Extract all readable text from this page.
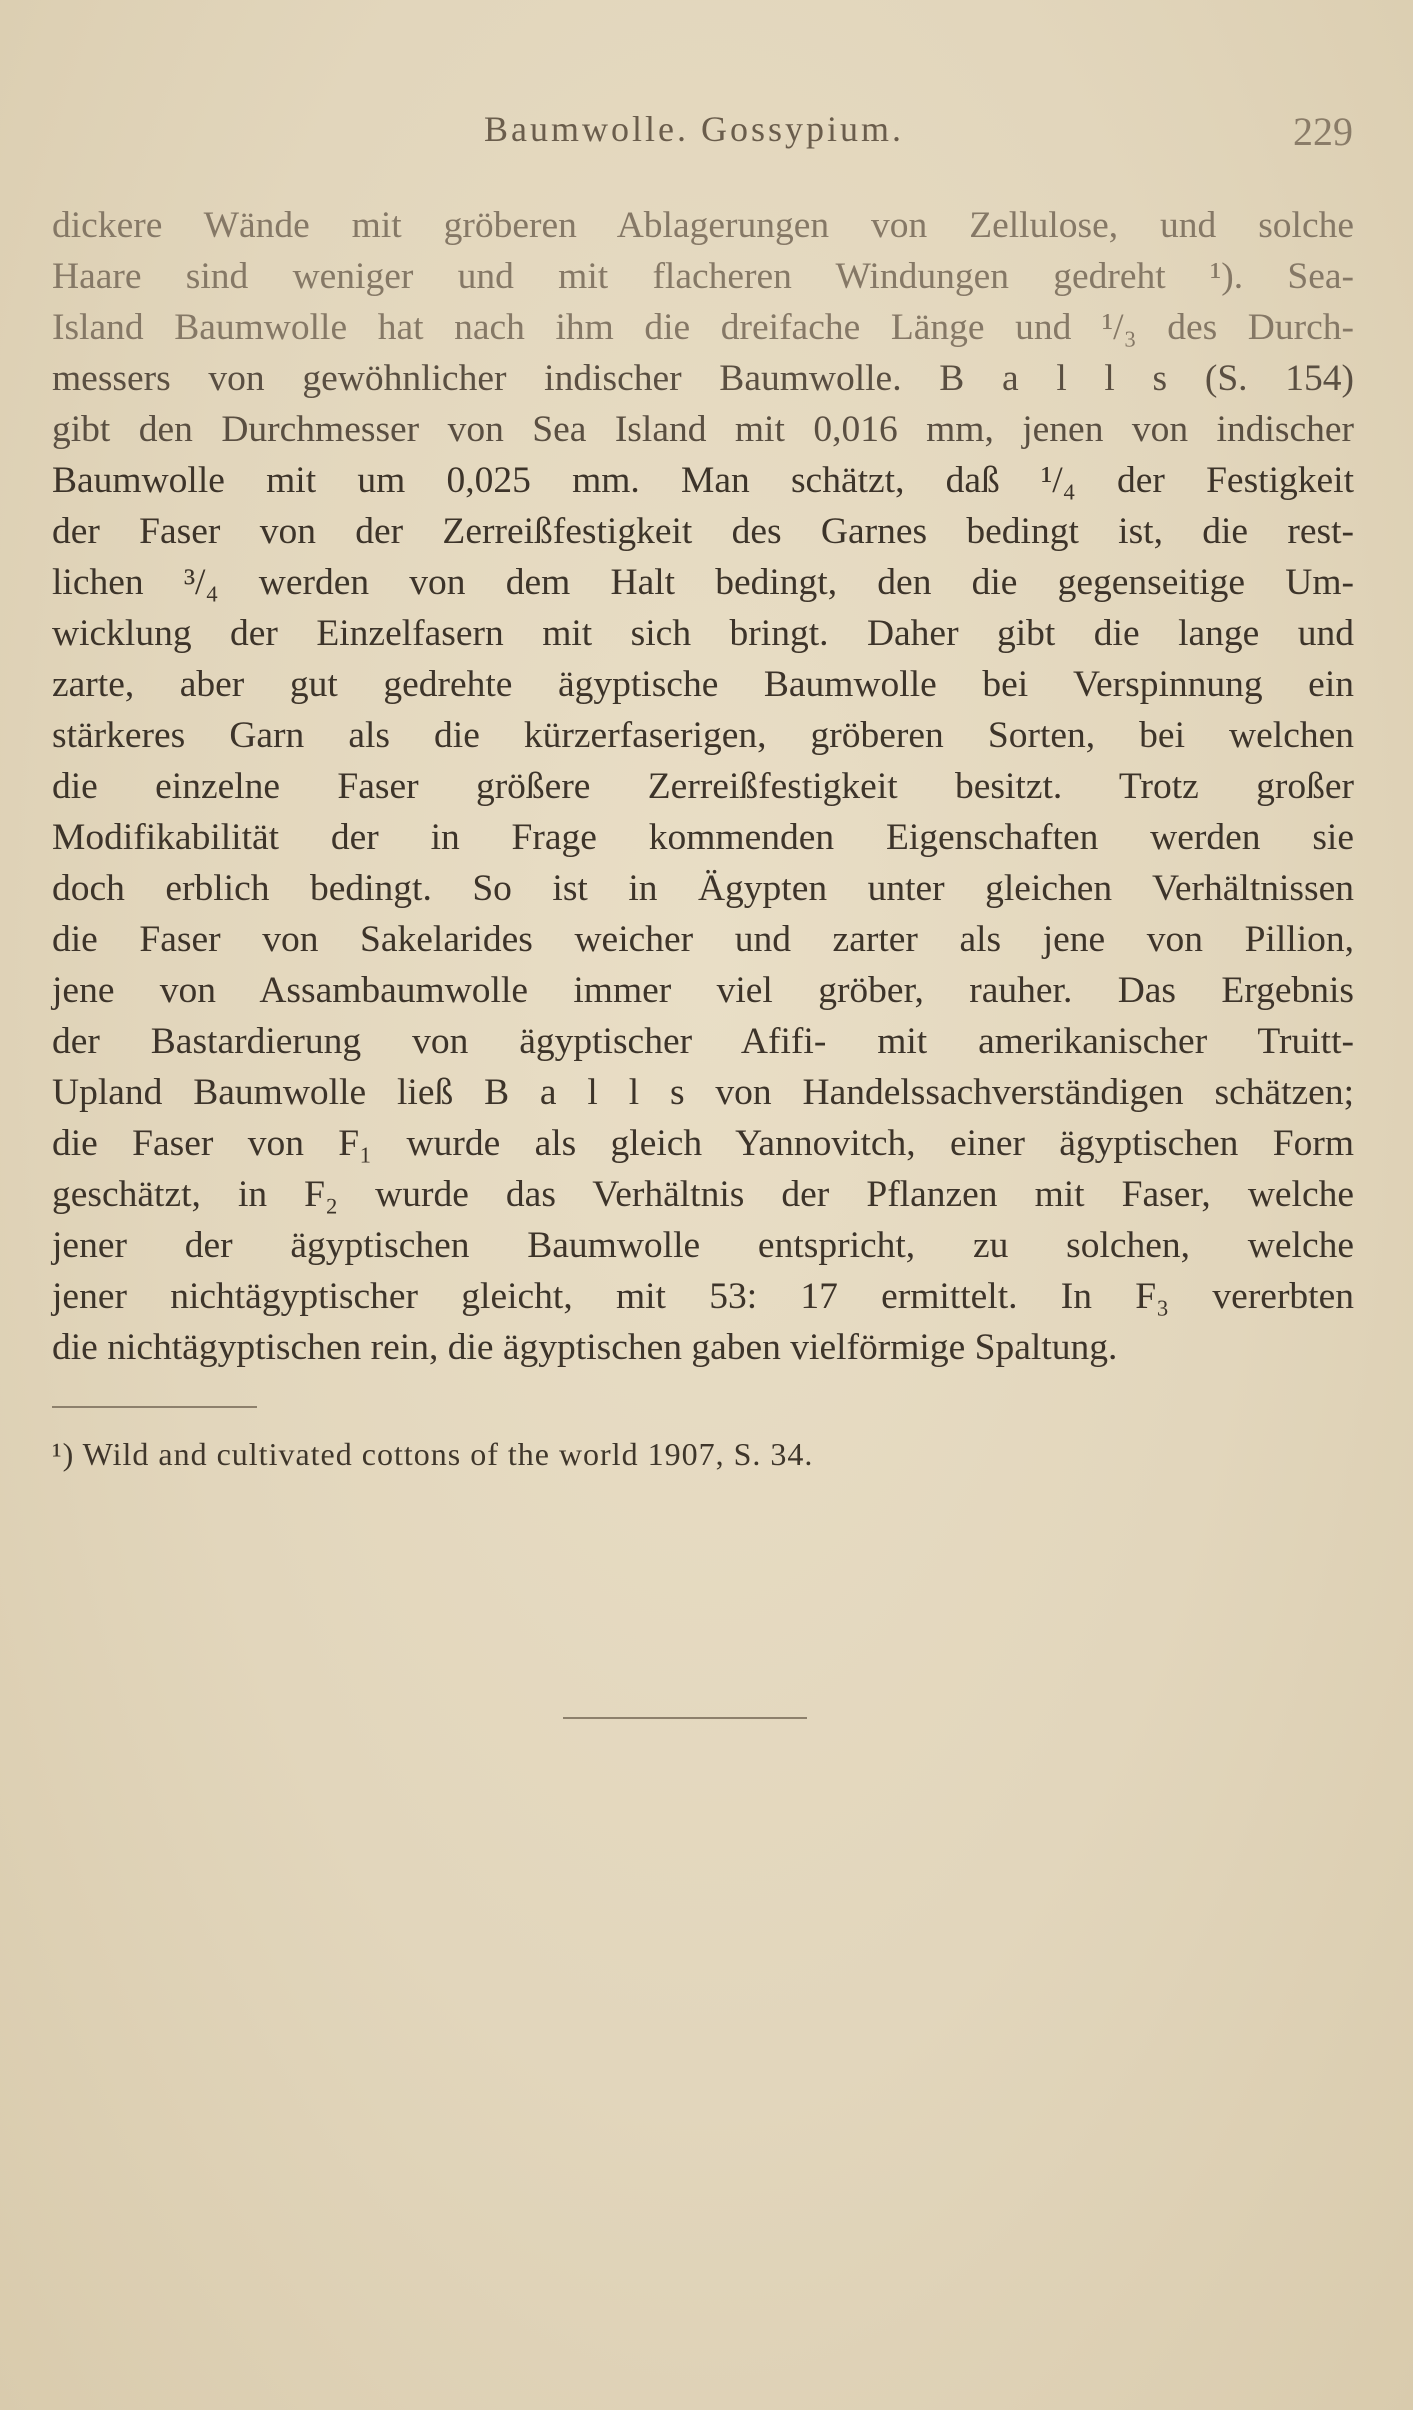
Baumwolle. Gossypium.	229
dickere Wände mit gröberen Ablagerungen von Zellulose, und solche
Haare sind weniger und mit flacheren Windungen gedreht ¹). Sea-
Island Baumwolle hat nach ihm die dreifache Länge und ¹/₃ des Durch-
messers von gewöhnlicher indischer Baumwolle. B a l l s (S. 154)
gibt den Durchmesser von Sea Island mit 0,016 mm, jenen von indischer
Baumwolle mit um 0,025 mm. Man schätzt, daß ¹/₄ der Festigkeit
der Faser von der Zerreißfestigkeit des Garnes bedingt ist, die rest-
lichen ³/₄ werden von dem Halt bedingt, den die gegenseitige Um-
wicklung der Einzelfasern mit sich bringt. Daher gibt die lange und
zarte, aber gut gedrehte ägyptische Baumwolle bei Verspinnung ein
stärkeres Garn als die kürzerfaserigen, gröberen Sorten, bei welchen
die einzelne Faser größere Zerreißfestigkeit besitzt. Trotz großer
Modifikabilität der in Frage kommenden Eigenschaften werden sie
doch erblich bedingt. So ist in Ägypten unter gleichen Verhältnissen
die Faser von Sakelarides weicher und zarter als jene von Pillion,
jene von Assambaumwolle immer viel gröber, rauher. Das Ergebnis
der Bastardierung von ägyptischer Afifi- mit amerikanischer Truitt-
Upland Baumwolle ließ B a l l s von Handelssachverständigen schätzen;
die Faser von F₁ wurde als gleich Yannovitch, einer ägyptischen Form
geschätzt, in F₂ wurde das Verhältnis der Pflanzen mit Faser, welche
jener der ägyptischen Baumwolle entspricht, zu solchen, welche
jener nichtägyptischer gleicht, mit 53: 17 ermittelt. In F₃ vererbten
die nichtägyptischen rein, die ägyptischen gaben vielförmige Spaltung.
¹) Wild and cultivated cottons of the world 1907, S. 34.
